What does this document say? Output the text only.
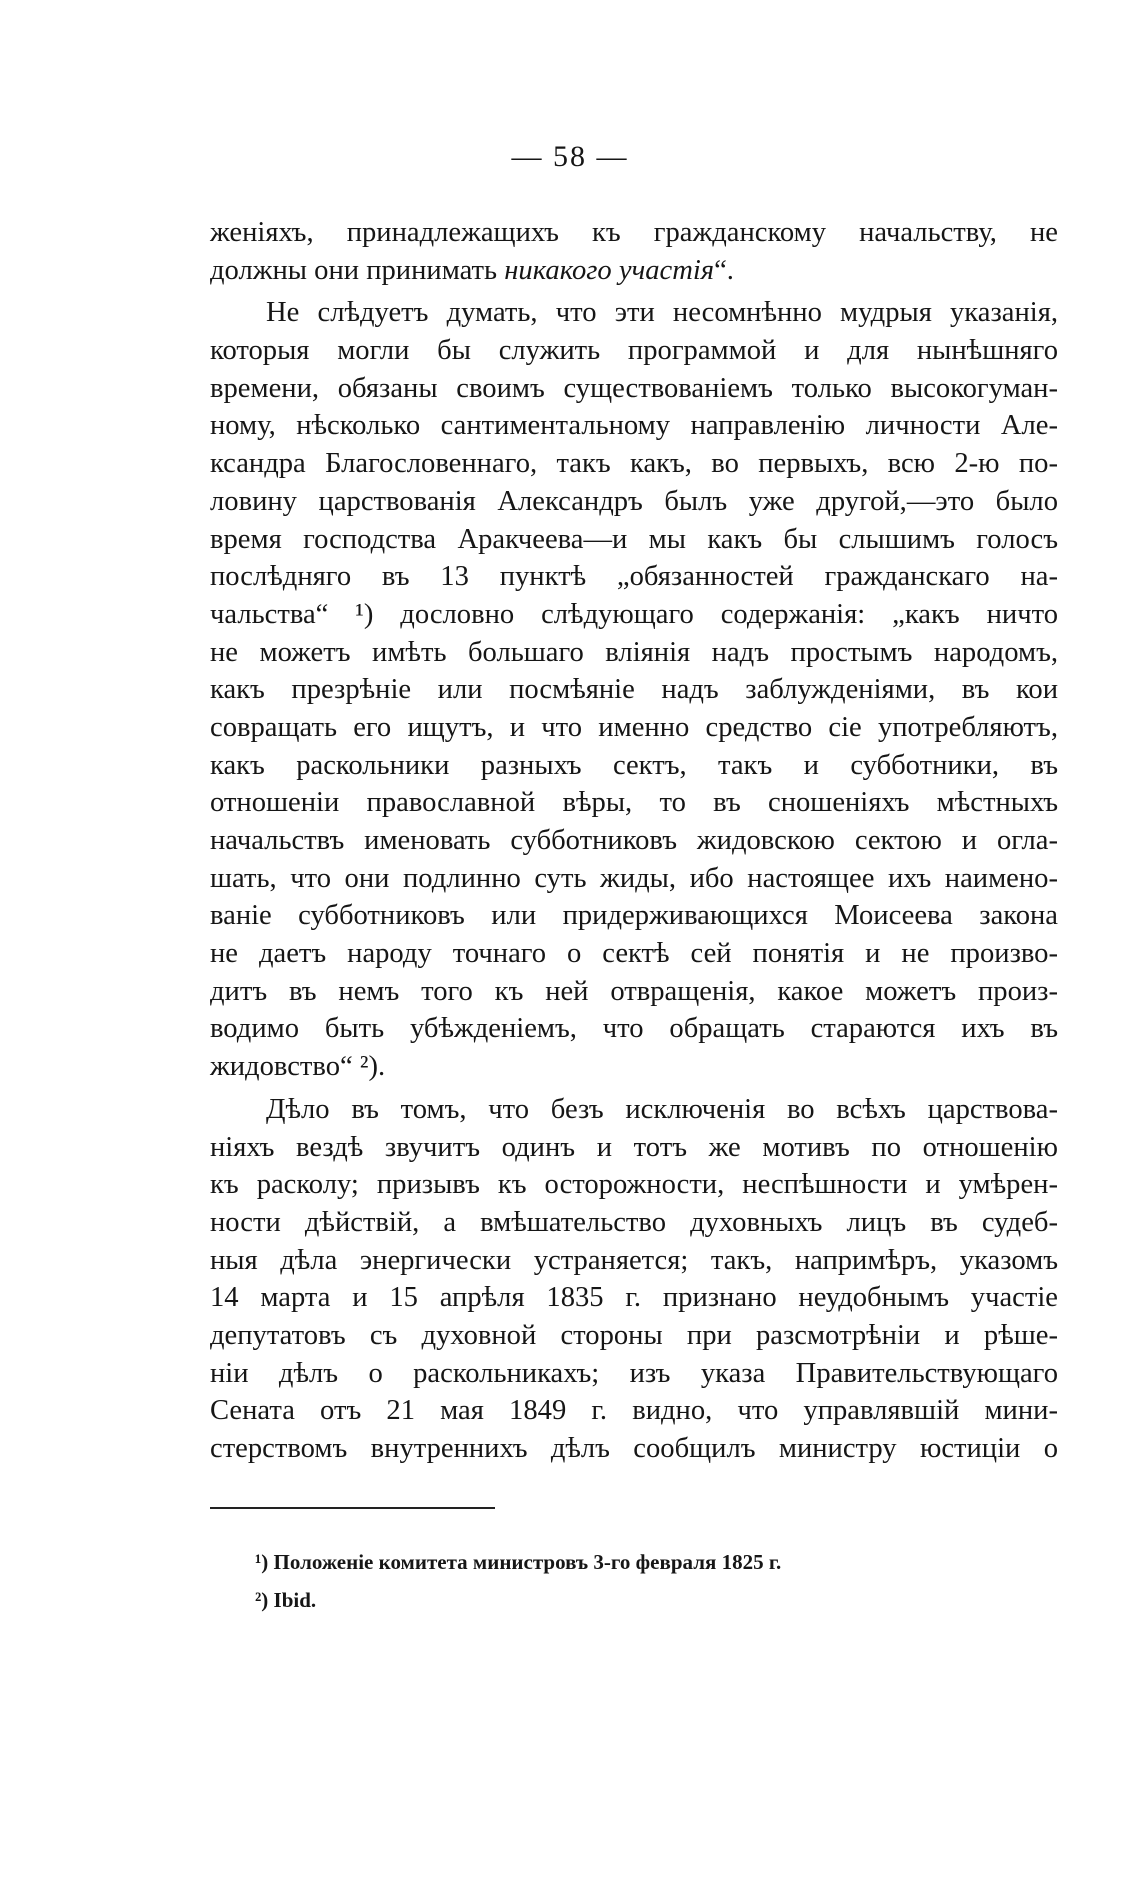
— 58 —
женіяхъ, принадлежащихъ къ гражданскому начальству, не
должны они принимать никакого участія“.
Не слѣдуетъ думать, что эти несомнѣнно мудрыя указанія,
которыя могли бы служить программой и для нынѣшняго
времени, обязаны своимъ существованіемъ только высокогуман-
ному, нѣсколько сантиментальному направленію личности Але-
ксандра Благословеннаго, такъ какъ, во первыхъ, всю 2-ю по-
ловину царствованія Александръ былъ уже другой,—это было
время господства Аракчеева—и мы какъ бы слышимъ голосъ
послѣдняго въ 13 пунктѣ „обязанностей гражданскаго на-
чальства“ ¹) дословно слѣдующаго содержанія: „какъ ничто
не можетъ имѣть большаго вліянія надъ простымъ народомъ,
какъ презрѣніе или посмѣяніе надъ заблужденіями, въ кои
совращать его ищутъ, и что именно средство сіе употребляютъ,
какъ раскольники разныхъ сектъ, такъ и субботники, въ
отношеніи православной вѣры, то въ сношеніяхъ мѣстныхъ
начальствъ именовать субботниковъ жидовскою сектою и огла-
шать, что они подлинно суть жиды, ибо настоящее ихъ наимено-
ваніе субботниковъ или придерживающихся Моисеева закона
не даетъ народу точнаго о сектѣ сей понятія и не произво-
дитъ въ немъ того къ ней отвращенія, какое можетъ произ-
водимо быть убѣжденіемъ, что обращать стараются ихъ въ
жидовство“ ²).
Дѣло въ томъ, что безъ исключенія во всѣхъ царствова-
ніяхъ вездѣ звучитъ одинъ и тотъ же мотивъ по отношенію
къ расколу; призывъ къ осторожности, неспѣшности и умѣрен-
ности дѣйствій, а вмѣшательство духовныхъ лицъ въ судеб-
ныя дѣла энергически устраняется; такъ, напримѣръ, указомъ
14 марта и 15 апрѣля 1835 г. признано неудобнымъ участіе
депутатовъ съ духовной стороны при разсмотрѣніи и рѣше-
ніи дѣлъ о раскольникахъ; изъ указа Правительствующаго
Сената отъ 21 мая 1849 г. видно, что управлявшій мини-
стерствомъ внутреннихъ дѣлъ сообщилъ министру юстиціи о
¹) Положеніе комитета министровъ 3-го февраля 1825 г.
²) Ibid.
